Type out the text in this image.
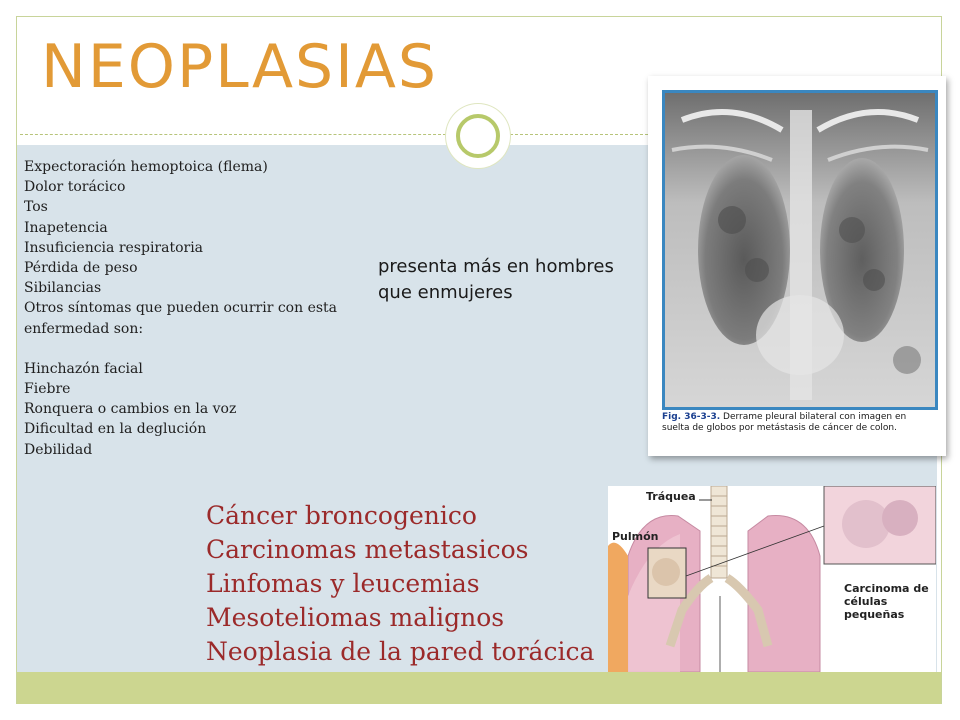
NEOPLASIAS
Expectoración hemoptoica (flema)
Dolor torácico
Tos
Inapetencia
Insuficiencia respiratoria
Pérdida de peso
Sibilancias
Otros síntomas que pueden ocurrir con esta enfermedad son:
Hinchazón facial
Fiebre
Ronquera o cambios en la voz
Dificultad en la deglución
Debilidad
presenta más en hombres que enmujeres
Cáncer broncogenico
Carcinomas metastasicos
Linfomas y leucemias
Mesoteliomas malignos
Neoplasia de la pared torácica
Fig. 36-3-3. Derrame pleural bilateral con imagen en suelta de globos por metástasis de cáncer de colon.
Tráquea
Pulmón
Carcinoma de células pequeñas
